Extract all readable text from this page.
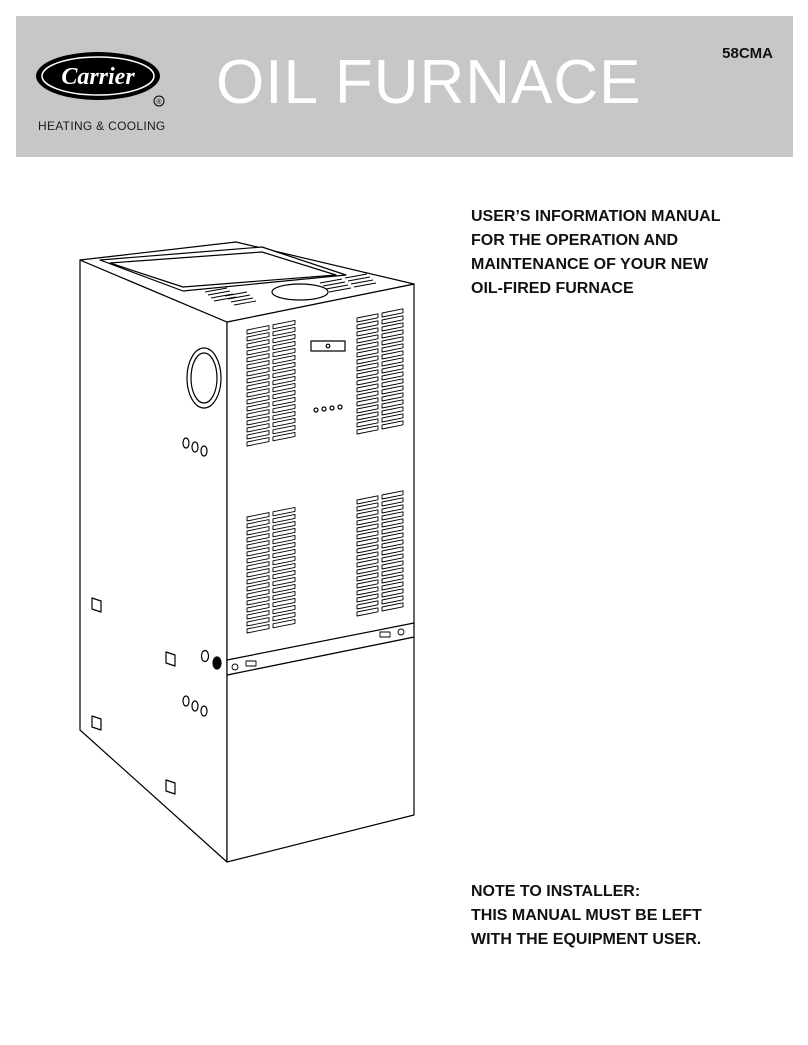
Carrier
®
HEATING & COOLING
58CMA
OIL FURNACE
USER’S INFORMATION MANUAL
FOR THE OPERATION AND
MAINTENANCE OF YOUR NEW
OIL-FIRED FURNACE
NOTE TO INSTALLER:
THIS MANUAL MUST BE LEFT
WITH THE EQUIPMENT USER.
